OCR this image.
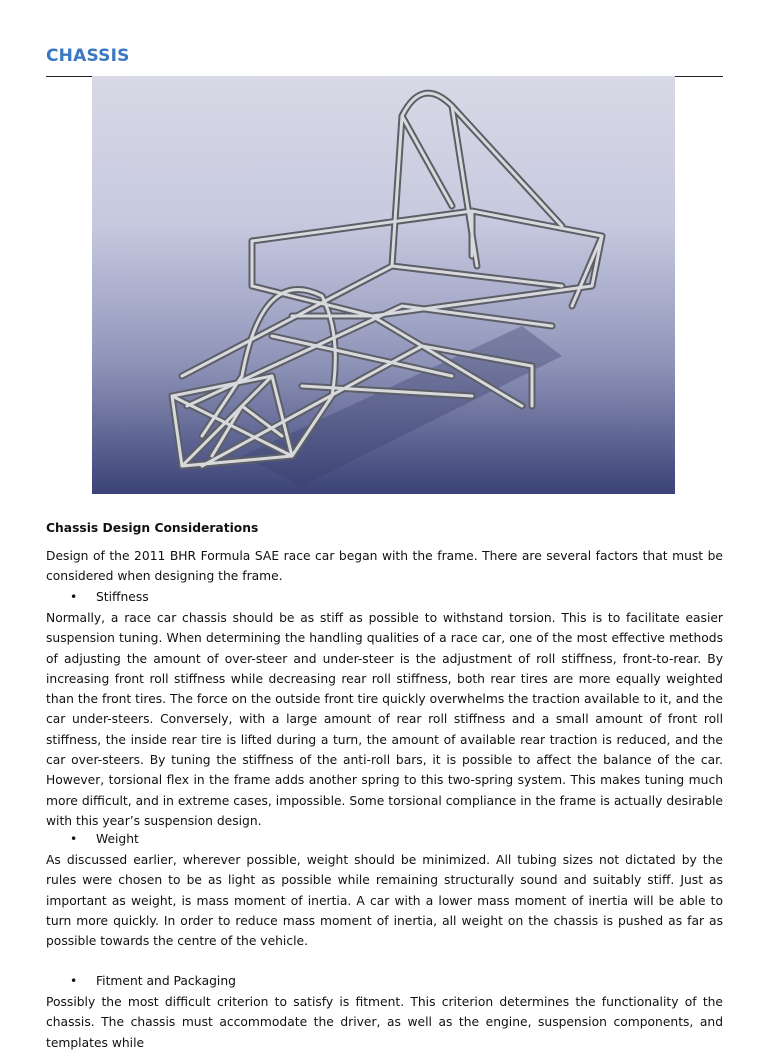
CHASSIS
Chassis Design Considerations
Design of the 2011 BHR Formula SAE race car began with the frame. There are several factors that must be considered when designing the frame.
• Stiffness
Normally, a race car chassis should be as stiff as possible to withstand torsion. This is to facilitate easier suspension tuning. When determining the handling qualities of a race car, one of the most effective methods of adjusting the amount of over-steer and under-steer is the adjustment of roll stiffness, front-to-rear. By increasing front roll stiffness while decreasing rear roll stiffness, both rear tires are more equally weighted than the front tires. The force on the outside front tire quickly overwhelms the traction available to it, and the car under-steers. Conversely, with a large amount of rear roll stiffness and a small amount of front roll stiffness, the inside rear tire is lifted during a turn, the amount of available rear traction is reduced, and the car over-steers. By tuning the stiffness of the anti-roll bars, it is possible to affect the balance of the car. However, torsional flex in the frame adds another spring to this two-spring system. This makes tuning much more difficult, and in extreme cases, impossible. Some torsional compliance in the frame is actually desirable with this year’s suspension design.
• Weight
As discussed earlier, wherever possible, weight should be minimized. All tubing sizes not dictated by the rules were chosen to be as light as possible while remaining structurally sound and suitably stiff. Just as important as weight, is mass moment of inertia. A car with a lower mass moment of inertia will be able to turn more quickly. In order to reduce mass moment of inertia, all weight on the chassis is pushed as far as possible towards the centre of the vehicle.
• Fitment and Packaging
Possibly the most difficult criterion to satisfy is fitment. This criterion determines the functionality of the chassis. The chassis must accommodate the driver, as well as the engine, suspension components, and templates while
